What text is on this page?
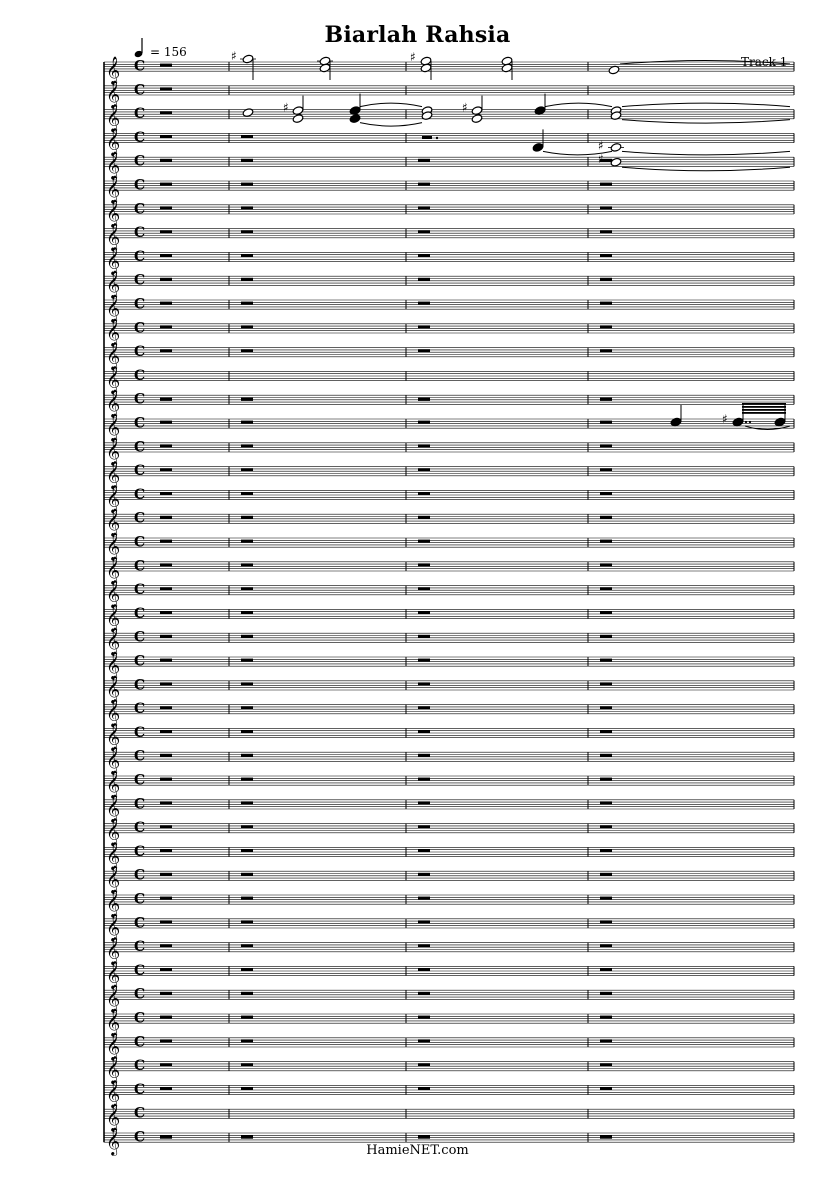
Biarlah Rahsia
= 156
Track 1
HamieNET.com
𝄞 C
𝄞 C
𝄞 C
𝄞 C
𝄞 C
𝄞 C
𝄞 C
𝄞 C
𝄞 C
𝄞 C
𝄞 C
𝄞 C
𝄞 C
𝄞 C
𝄞 C
𝄞 C
𝄞 C
𝄞 C
𝄞 C
𝄞 C
𝄞 C
𝄞 C
𝄞 C
𝄞 C
𝄞 C
𝄞 C
𝄞 C
𝄞 C
𝄞 C
𝄞 C
𝄞 C
𝄞 C
𝄞 C
𝄞 C
𝄞 C
𝄞 C
𝄞 C
𝄞 C
𝄞 C
𝄞 C
𝄞 C
𝄞 C
𝄞 C
𝄞 C
𝄞 C
𝄞 C
♯	♯
♯	♯
♯
♯
♯
